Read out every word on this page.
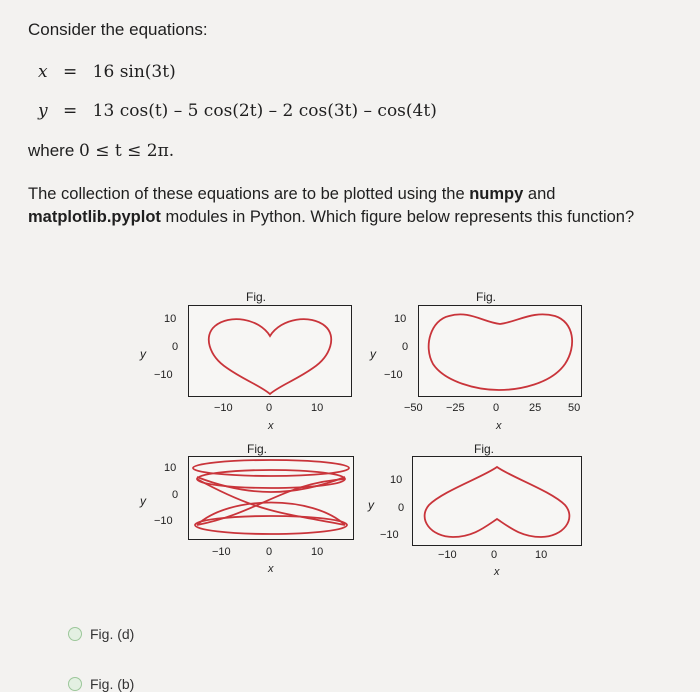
Consider the equations:
x = 16 sin(3t)
y = 13 cos(t) – 5 cos(2t) – 2 cos(3t) – cos(4t)
where 0 ≤ t ≤ 2π.
The collection of these equations are to be plotted using the numpy and matplotlib.pyplot modules in Python. Which figure below represents this function?
Fig.
y
10
0
−10
−10	0	10
x
Fig.
y
10
0
−10
−50 −25	0	25 50
x
Fig.
y
10
0
−10
−10	0	10
x
Fig.
y
10
0
−10
−10	0	10
x
Fig. (d)
Fig. (b)
